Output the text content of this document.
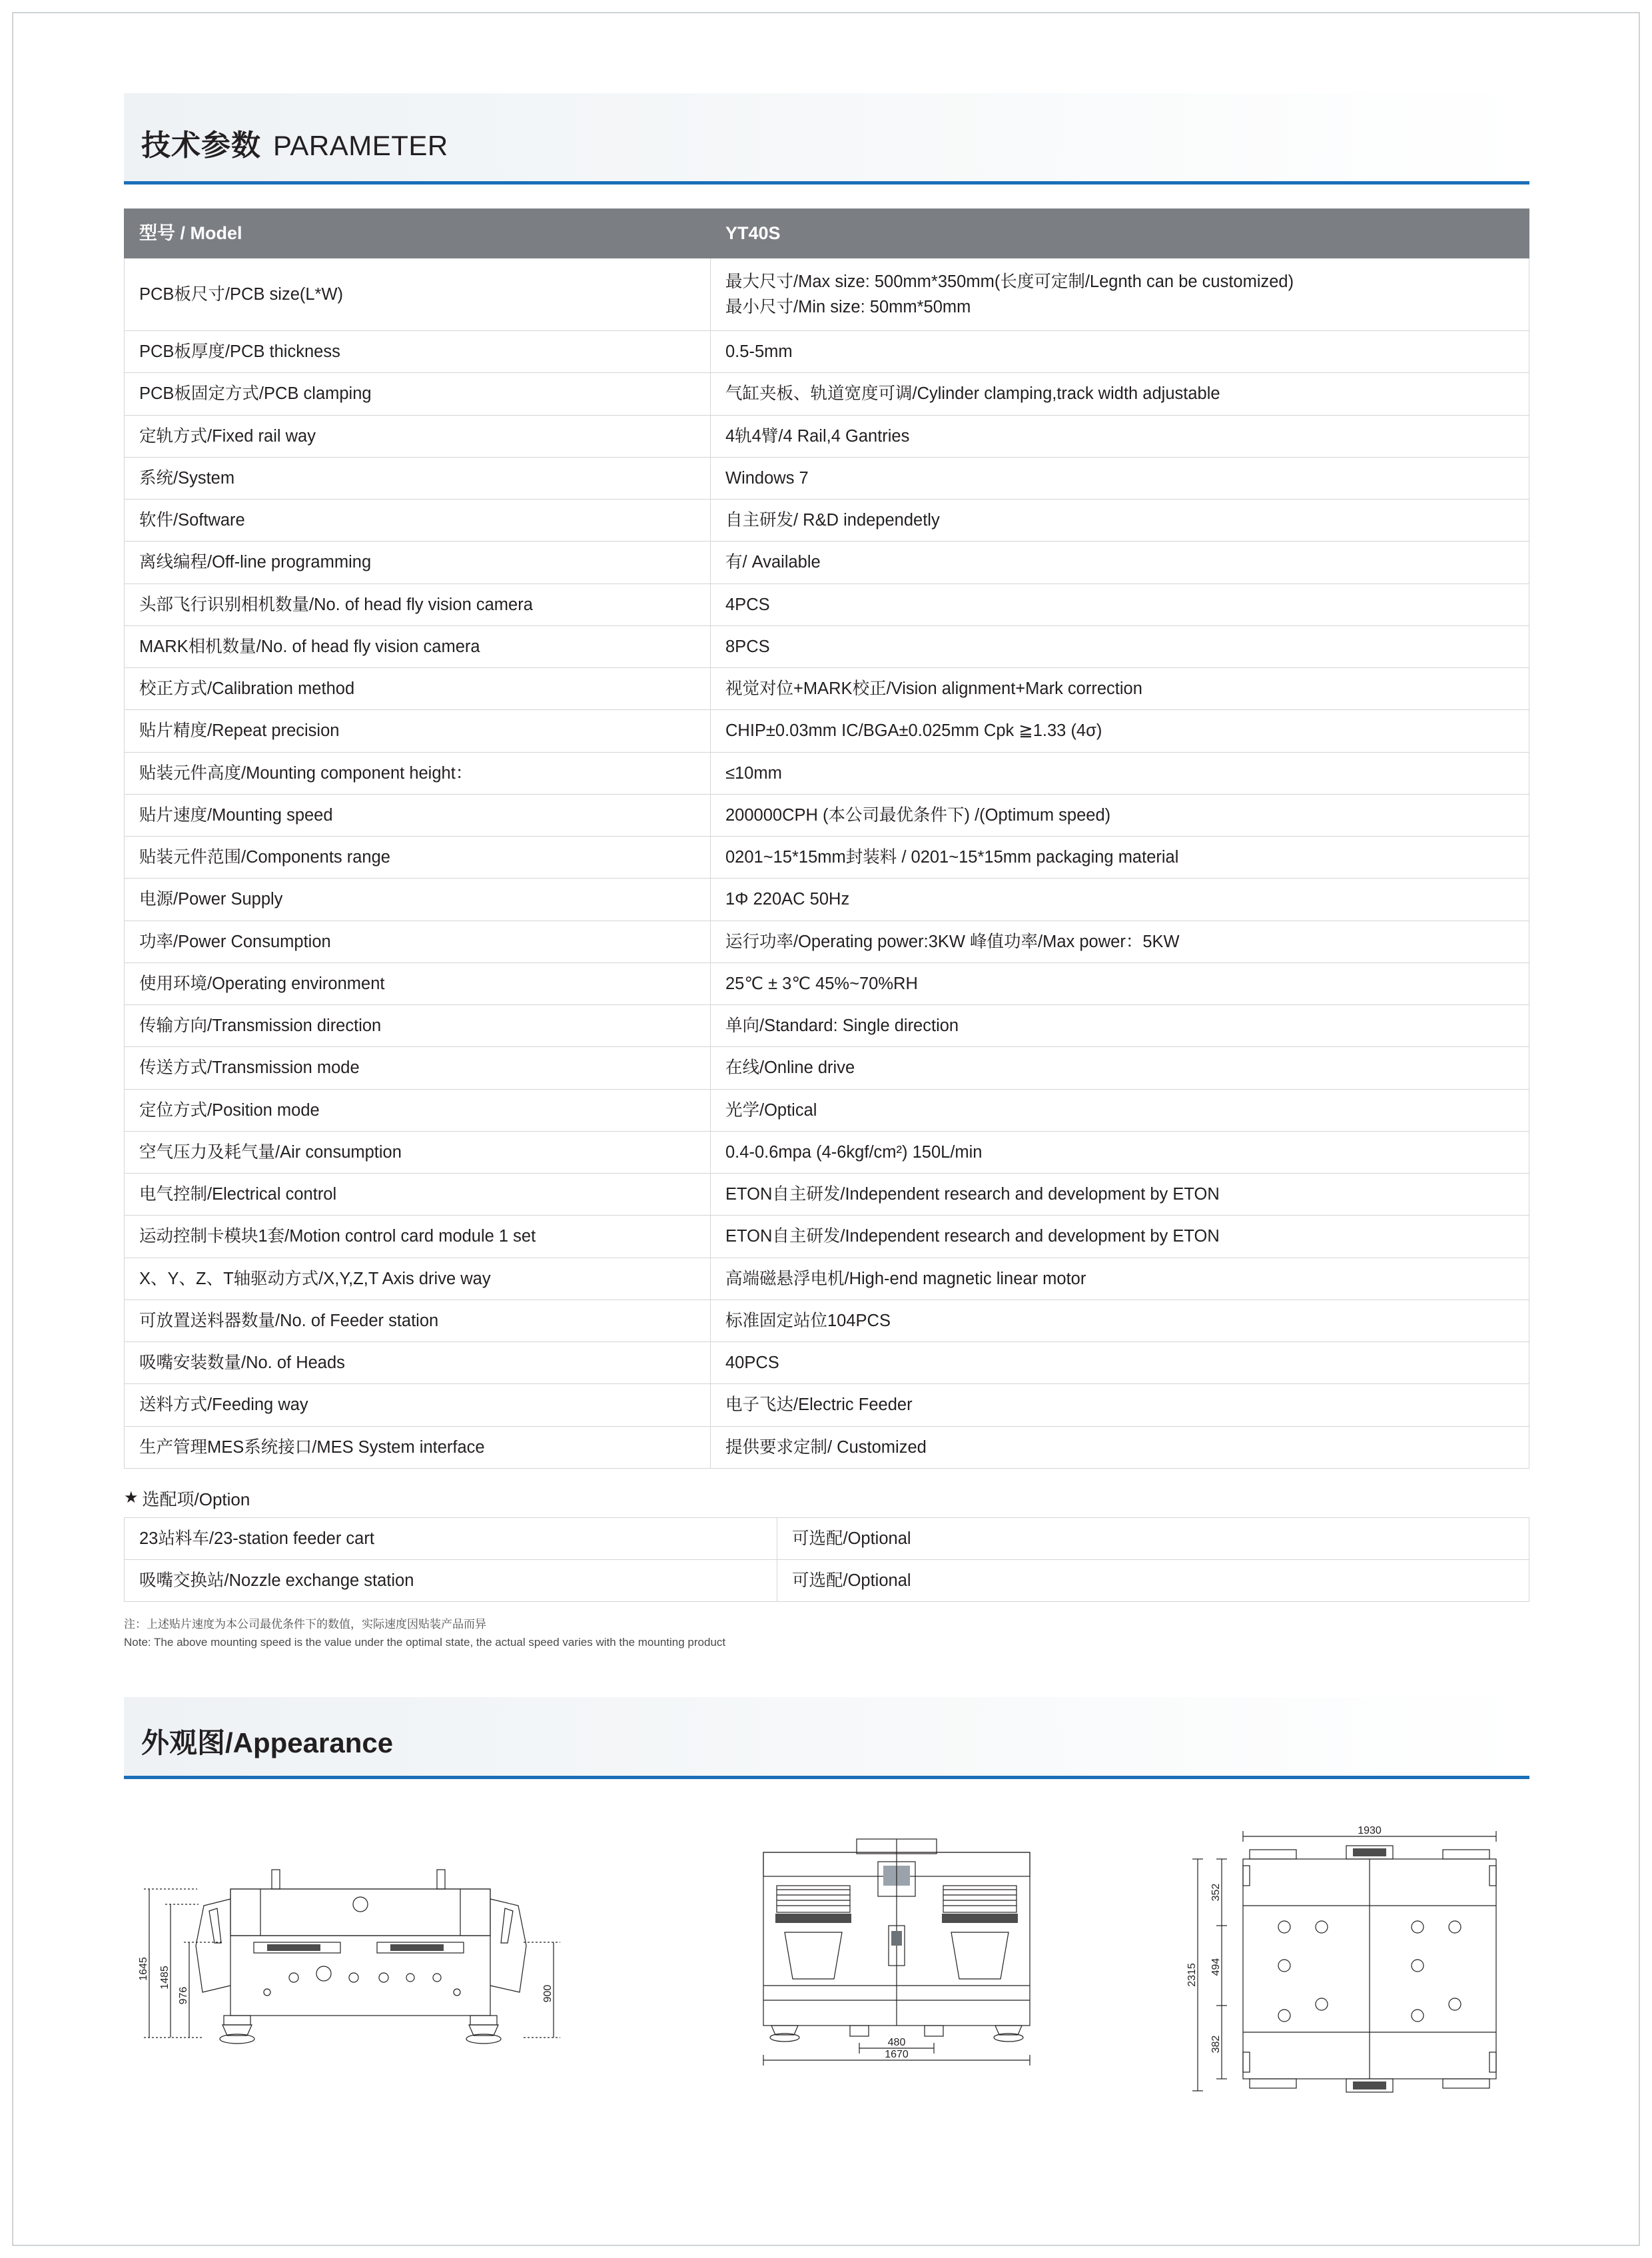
技术参数 PARAMETER
型号 / Model	YT40S
PCB板尺寸/PCB size(L*W)	最大尺寸/Max size: 500mm*350mm(长度可定制/Legnth can be customized)
最小尺寸/Min size: 50mm*50mm

PCB板厚度/PCB thickness	0.5-5mm
PCB板固定方式/PCB clamping	气缸夹板、轨道宽度可调/Cylinder clamping,track width adjustable
定轨方式/Fixed rail way	4轨4臂/4 Rail,4 Gantries
系统/System	Windows 7
软件/Software	自主研发/ R&D independetly
离线编程/Off-line programming	有/ Available
头部飞行识别相机数量/No. of head fly vision camera	4PCS
MARK相机数量/No. of head fly vision camera	8PCS
校正方式/Calibration method	视觉对位+MARK校正/Vision alignment+Mark correction
贴片精度/Repeat precision	CHIP±0.03mm IC/BGA±0.025mm Cpk ≧1.33 (4σ)
贴装元件高度/Mounting component height：	≤10mm
贴片速度/Mounting speed	200000CPH (本公司最优条件下) /(Optimum speed)
贴装元件范围/Components range	0201~15*15mm封装料 / 0201~15*15mm packaging material
电源/Power Supply	1Φ 220AC 50Hz
功率/Power Consumption	运行功率/Operating power:3KW 峰值功率/Max power：5KW
使用环境/Operating environment	25℃ ± 3℃ 45%~70%RH
传输方向/Transmission direction	单向/Standard: Single direction
传送方式/Transmission mode	在线/Online drive
定位方式/Position mode	光学/Optical
空气压力及耗气量/Air consumption	0.4-0.6mpa (4-6kgf/cm²) 150L/min
电气控制/Electrical control	ETON自主研发/Independent research and development by ETON
运动控制卡模块1套/Motion control card module 1 set	ETON自主研发/Independent research and development by ETON
X、Y、Z、T轴驱动方式/X,Y,Z,T Axis drive way	高端磁悬浮电机/High-end magnetic linear motor
可放置送料器数量/No. of Feeder station	标准固定站位104PCS
吸嘴安装数量/No. of Heads	40PCS
送料方式/Feeding way	电子飞达/Electric Feeder
生产管理MES系统接口/MES System interface	提供要求定制/ Customized
★ 选配项/Option
23站料车/23-station feeder cart	可选配/Optional
吸嘴交换站/Nozzle exchange station	可选配/Optional
注：上述贴片速度为本公司最优条件下的数值，实际速度因贴装产品而异
Note: The above mounting speed is the value under the optimal state, the actual speed varies with the mounting product
外观图/Appearance
1645 1485
976	900
480
1670
1930
2315
352
494
382
